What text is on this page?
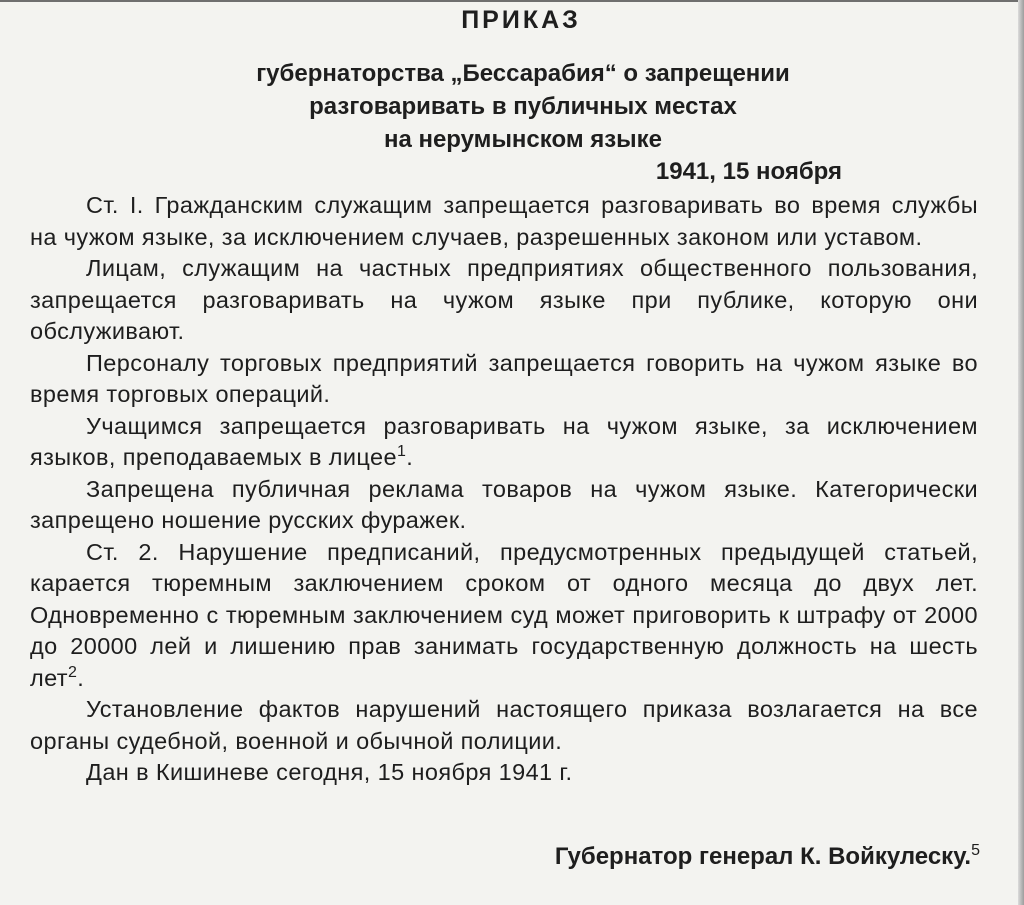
ПРИКАЗ
губернаторства „Бессарабия“ о запрещении
разговаривать в публичных местах
на нерумынском языке
1941, 15 ноября

Ст. І. Гражданским служащим запрещается разговаривать во время службы на чужом языке, за исключением случаев, разрешенных законом или уставом.

Лицам, служащим на частных предприятиях общественного пользования, запрещается разговаривать на чужом языке при публике, которую они обслуживают.

Персоналу торговых предприятий запрещается говорить на чужом языке во время торговых операций.

Учащимся запрещается разговаривать на чужом языке, за исключением языков, преподаваемых в лицее$^1$.

Запрещена публичная реклама товаров на чужом языке. Категорически запрещено ношение русских фуражек.

Ст. 2. Нарушение предписаний, предусмотренных предыдущей статьей, карается тюремным заключением сроком от одного месяца до двух лет. Одновременно с тюремным заключением суд может приговорить к штрафу от 2000 до 20000 лей и лишению прав занимать государственную должность на шесть лет$^2$.

Установление фактов нарушений настоящего приказа возлагается на все органы судебной, военной и обычной полиции.

Дан в Кишиневе сегодня, 15 ноября 1941 г.

Губернатор генерал К. Войкулеску.$^5$
